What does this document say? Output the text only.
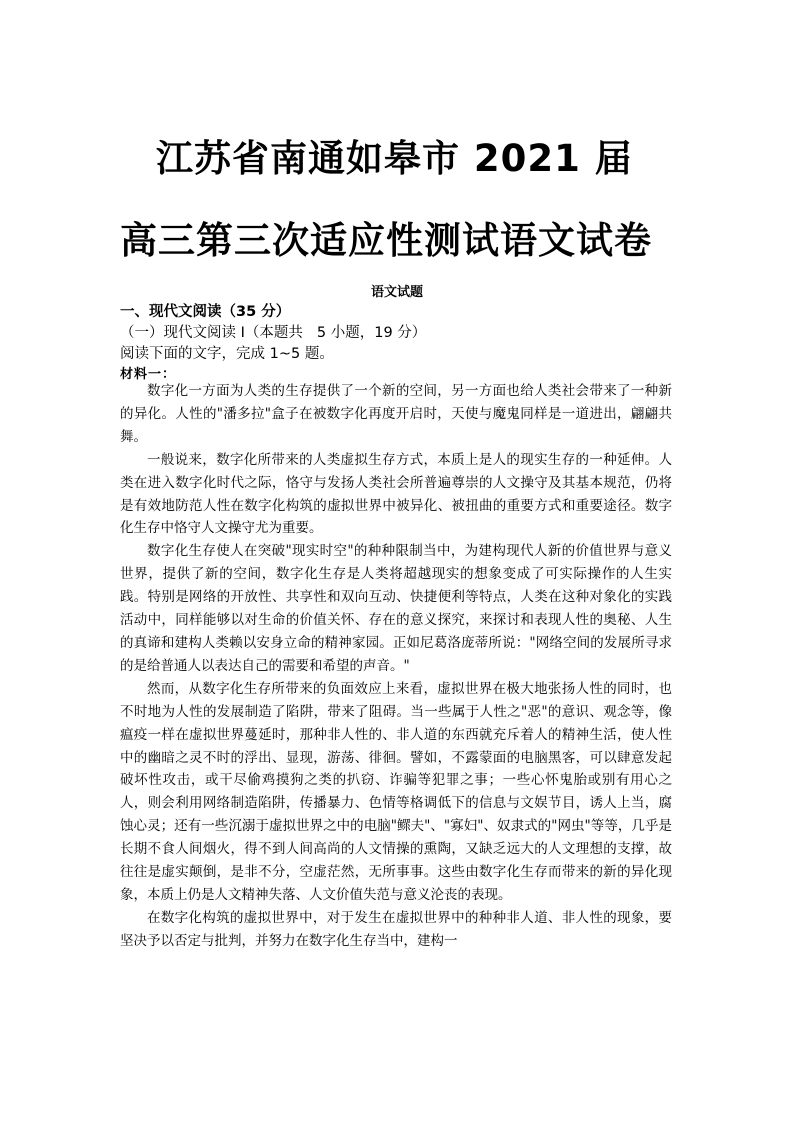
江苏省南通如皋市 2021 届
高三第三次适应性测试语文试卷
语文试题
一、现代文阅读（35 分）
（一）现代文阅读 I（本题共 5 小题，19 分）
阅读下面的文字，完成 1~5 题。
材料一：

数字化一方面为人类的生存提供了一个新的空间，另一方面也给人类社会带来了一种新的异化。人性的"潘多拉"盒子在被数字化再度开启时，天使与魔鬼同样是一道进出，翩翩共舞。

一般说来，数字化所带来的人类虚拟生存方式，本质上是人的现实生存的一种延伸。人类在进入数字化时代之际，恪守与发扬人类社会所普遍尊崇的人文操守及其基本规范，仍将是有效地防范人性在数字化构筑的虚拟世界中被异化、被扭曲的重要方式和重要途径。数字化生存中恪守人文操守尤为重要。

数字化生存使人在突破"现实时空"的种种限制当中，为建构现代人新的价值世界与意义世界，提供了新的空间，数字化生存是人类将超越现实的想象变成了可实际操作的人生实践。特别是网络的开放性、共享性和双向互动、快捷便利等特点，人类在这种对象化的实践活动中，同样能够以对生命的价值关怀、存在的意义探究，来探讨和表现人性的奥秘、人生的真谛和建构人类赖以安身立命的精神家园。正如尼葛洛庞蒂所说："网络空间的发展所寻求的是给普通人以表达自己的需要和希望的声音。"

然而，从数字化生存所带来的负面效应上来看，虚拟世界在极大地张扬人性的同时，也不时地为人性的发展制造了陷阱，带来了阻碍。当一些属于人性之"恶"的意识、观念等，像瘟疫一样在虚拟世界蔓延时，那种非人性的、非人道的东西就充斥着人的精神生活，使人性中的幽暗之灵不时的浮出、显现，游荡、徘徊。譬如，不露蒙面的电脑黑客，可以肆意发起破坏性攻击，或干尽偷鸡摸狗之类的扒窃、诈骗等犯罪之事；一些心怀鬼胎或别有用心之人，则会利用网络制造陷阱，传播暴力、色情等格调低下的信息与文娱节目，诱人上当，腐蚀心灵；还有一些沉溺于虚拟世界之中的电脑"鳏夫"、"寡妇"、奴隶式的"网虫"等等，几乎是长期不食人间烟火，得不到人间高尚的人文情操的熏陶，又缺乏远大的人文理想的支撑，故往往是虚实颠倒，是非不分，空虚茫然，无所事事。这些由数字化生存而带来的新的异化现象，本质上仍是人文精神失落、人文价值失范与意义沦丧的表现。

在数字化构筑的虚拟世界中，对于发生在虚拟世界中的种种非人道、非人性的现象，要坚决予以否定与批判，并努力在数字化生存当中，建构一
